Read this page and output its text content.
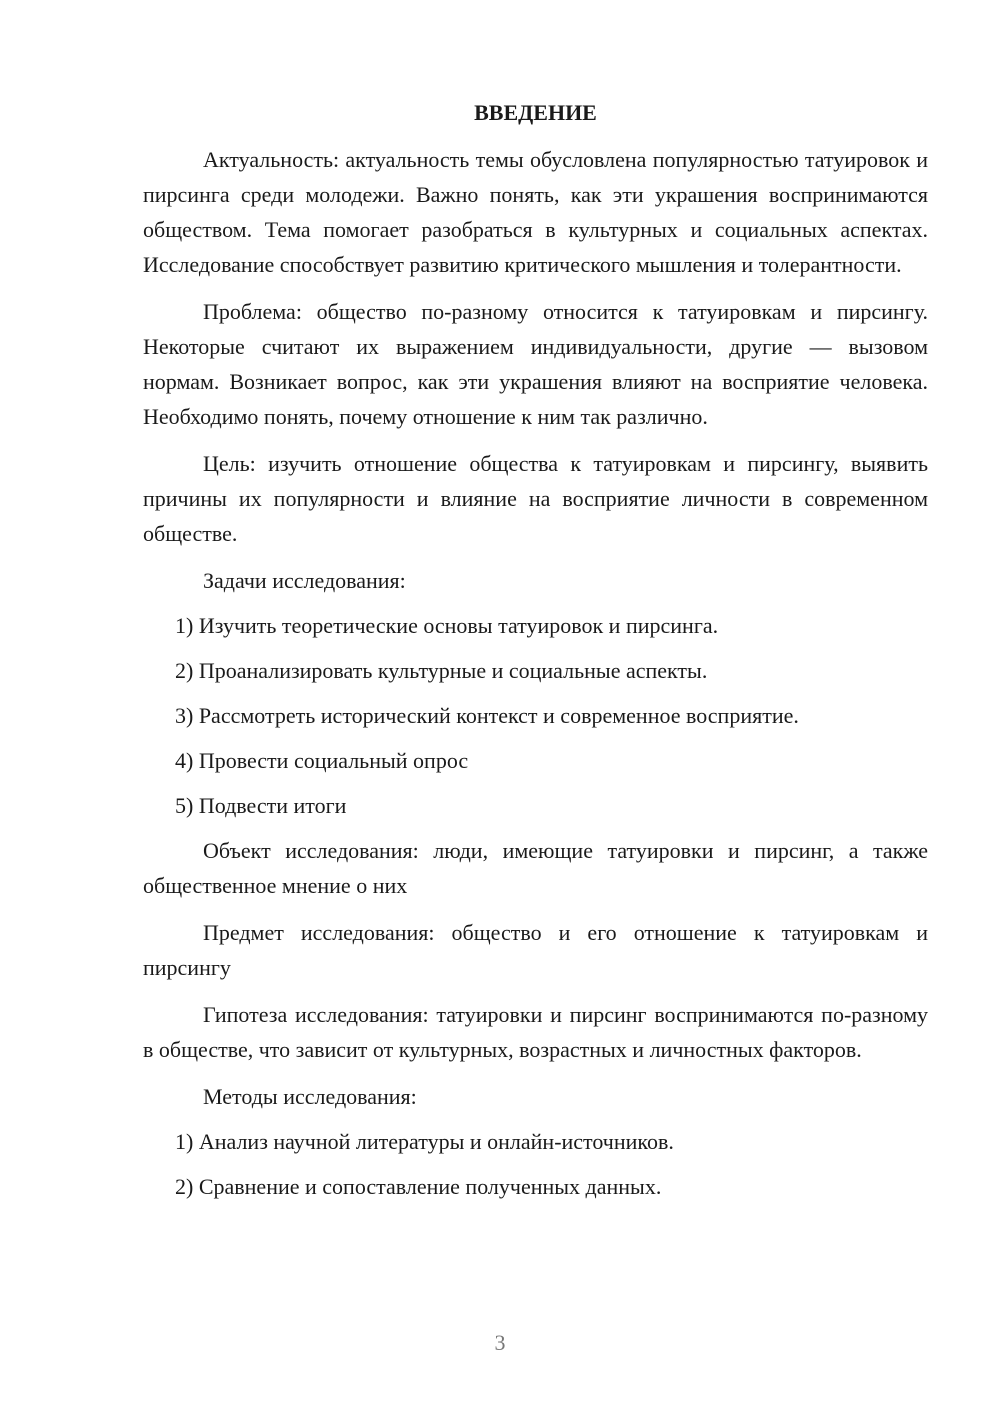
ВВЕДЕНИЕ

Актуальность: актуальность темы обусловлена популярностью татуировок и пирсинга среди молодежи. Важно понять, как эти украшения воспринимаются обществом. Тема помогает разобраться в культурных и социальных аспектах. Исследование способствует развитию критического мышления и толерантности.

Проблема: общество по-разному относится к татуировкам и пирсингу. Некоторые считают их выражением индивидуальности, другие — вызовом нормам. Возникает вопрос, как эти украшения влияют на восприятие человека. Необходимо понять, почему отношение к ним так различно.

Цель: изучить отношение общества к татуировкам и пирсингу, выявить причины их популярности и влияние на восприятие личности в современном обществе.

Задачи исследования:

1) Изучить теоретические основы татуировок и пирсинга.
2) Проанализировать культурные и социальные аспекты.
3) Рассмотреть исторический контекст и современное восприятие.
4) Провести социальный опрос
5) Подвести итоги

Объект исследования: люди, имеющие татуировки и пирсинг, а также общественное мнение о них

Предмет исследования: общество и его отношение к татуировкам и пирсингу

Гипотеза исследования: татуировки и пирсинг воспринимаются по-разному в обществе, что зависит от культурных, возрастных и личностных факторов.

Методы исследования:

1) Анализ научной литературы и онлайн-источников.
2) Сравнение и сопоставление полученных данных.
3
